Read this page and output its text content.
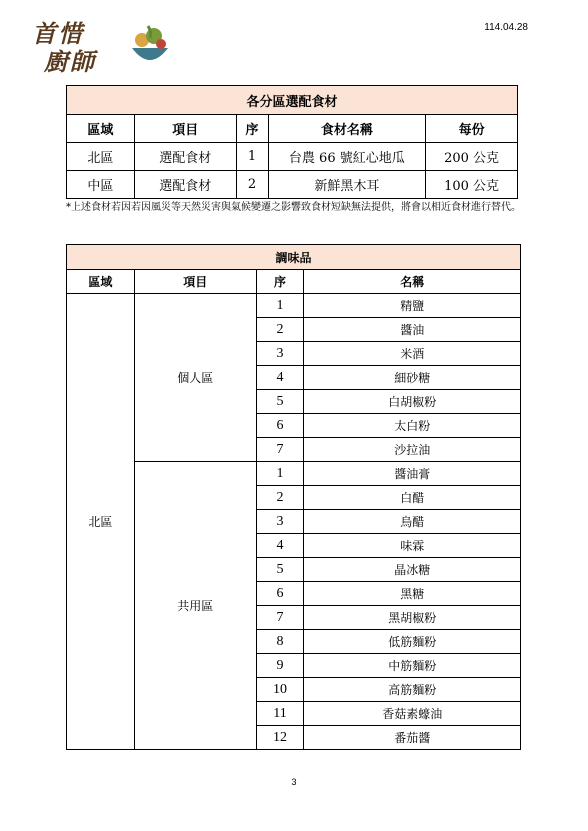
首惜
廚師
114.04.28
各分區選配食材				
區域	項目	序	食材名稱	每份
北區	選配食材	1	台農 66 號紅心地瓜	200 公克
中區	選配食材	2	新鮮黑木耳	100 公克
*上述食材若因若因風災等天然災害與氣候變遷之影響致食材短缺無法提供，將會以相近食材進行替代。
調味品			
區域	項目	序	名稱
北區	個人區	1	精鹽
		2	醬油
		3	米酒
		4	細砂糖
		5	白胡椒粉
		6	太白粉
		7	沙拉油
	共用區	1	醬油膏
		2	白醋
		3	烏醋
		4	味霖
		5	晶冰糖
		6	黑糖
		7	黑胡椒粉
		8	低筋麵粉
		9	中筋麵粉
		10	高筋麵粉
		11	香菇素蠔油
		12	番茄醬
3
